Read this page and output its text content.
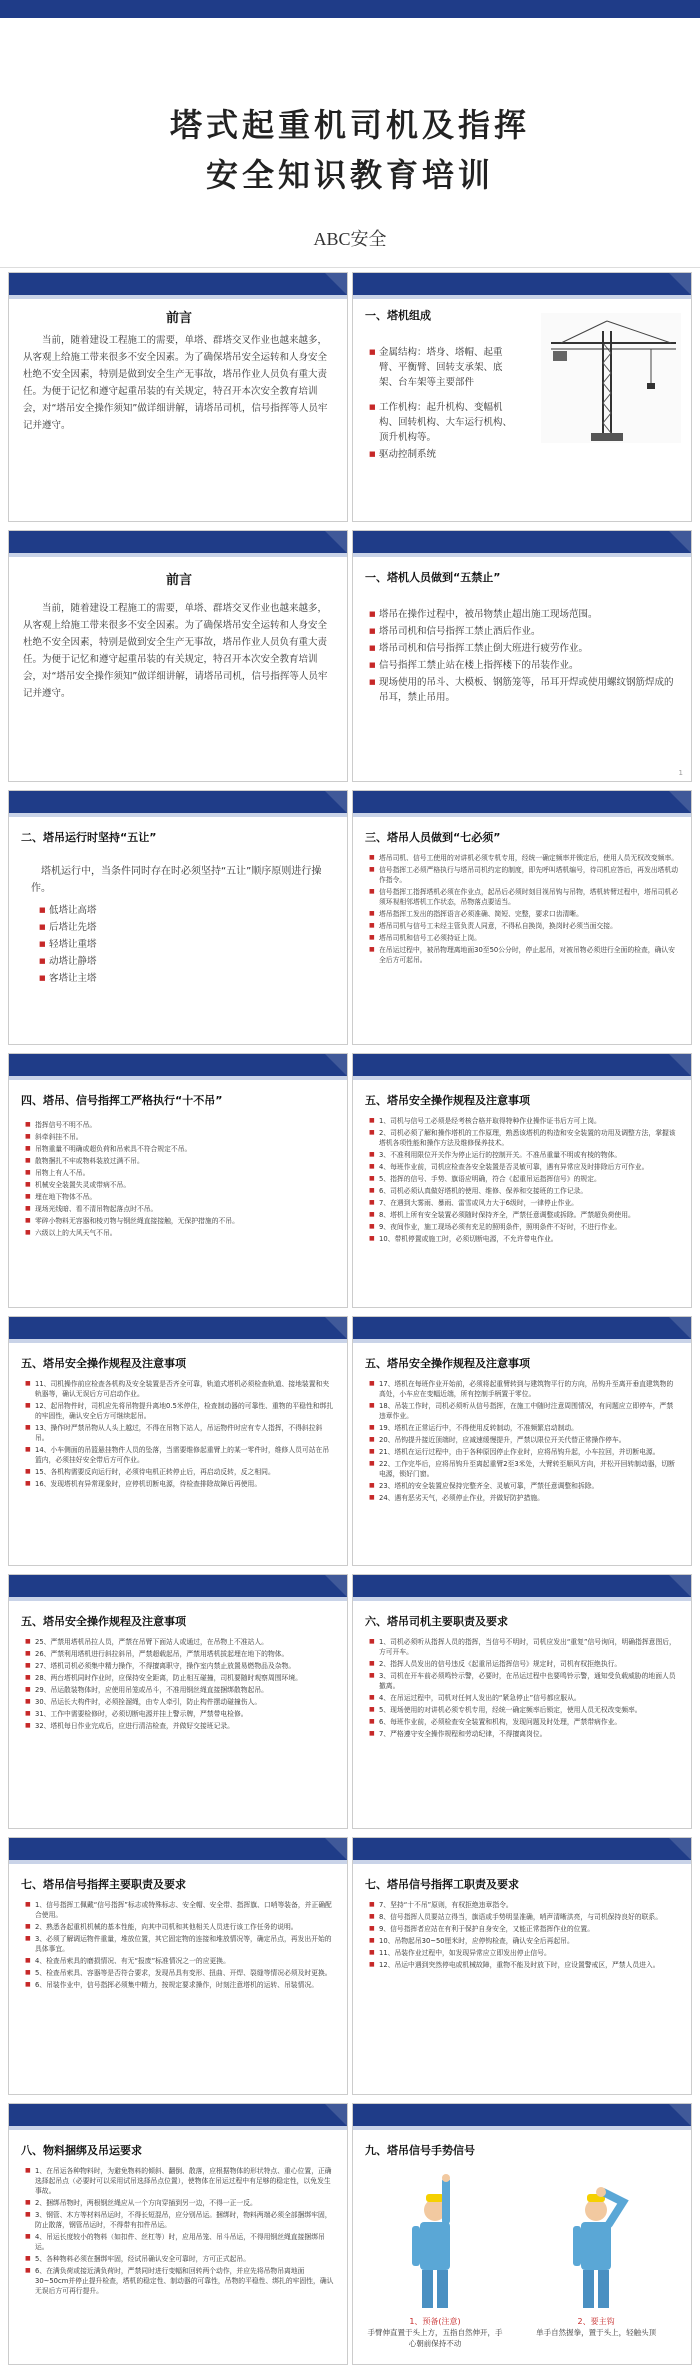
塔式起重机司机及指挥
安全知识教育培训
ABC安全
前言

当前，随着建设工程施工的需要，单塔、群塔交叉作业也越来越多，从客观上给施工带来很多不安全因素。为了确保塔吊安全运转和人身安全杜绝不安全因素，特别是做到安全生产无事故，塔吊作业人员负有重大责任。为便于记忆和遵守起重吊装的有关规定，特召开本次安全教育培训会，对“塔吊安全操作须知”做详细讲解，请塔吊司机，信号指挥等人员牢记并遵守。

一、塔机组成
■ 金属结构：塔身、塔帽、起重臂、平衡臂、回转支承架、底架、台车架等主要部件
■ 工作机构：起升机构、变幅机构、回转机构、大车运行机构、顶升机构等。
■ 驱动控制系统
前言

当前，随着建设工程施工的需要，单塔、群塔交叉作业也越来越多，从客观上给施工带来很多不安全因素。为了确保塔吊安全运转和人身安全杜绝不安全因素，特别是做到安全生产无事故，塔吊作业人员负有重大责任。为便于记忆和遵守起重吊装的有关规定，特召开本次安全教育培训会，对“塔吊安全操作须知”做详细讲解，请塔吊司机，信号指挥等人员牢记并遵守。

一、塔机人员做到“五禁止”
■ 塔吊在操作过程中，被吊物禁止超出施工现场范围。
■ 塔吊司机和信号指挥工禁止酒后作业。
■ 塔吊司机和信号指挥工禁止倒大班进行疲劳作业。
■ 信号指挥工禁止站在楼上指挥楼下的吊装作业。
■ 现场使用的吊斗、大模板、钢筋笼等，吊耳开焊或使用螺纹钢筋焊成的吊耳，禁止吊用。
1
二、塔吊运行时坚持“五让”

塔机运行中，当条件同时存在时必须坚持“五让”顺序原则进行操作。

■ 低塔让高塔
■ 后塔让先塔
■ 轻塔让重塔
■ 动塔让静塔
■ 客塔让主塔
三、塔吊人员做到“七必须”
■ 塔吊司机、信号工使用的对讲机必须专机专用，经统一确定频率并锁定后，使用人员无权改变频率。
■ 信号指挥工必须严格执行与塔吊司机约定的制度，即先呼叫塔机编号，待司机应答后，再发出塔机动作指令。
■ 信号指挥工指挥塔机必须在作业点，起吊后必须时刻目视吊钩与吊物，塔机转臂过程中，塔吊司机必须环视相邻塔机工作状态，吊物落点要适当。
■ 塔吊指挥工发出的指挥语言必须准确、简短、完整，要求口齿清晰。
■ 塔吊司机与信号工未经主管负责人同意，不得私自换岗，换岗时必须当面交接。
■ 塔吊司机和信号工必须持证上岗。
■ 在吊运过程中，被吊物理离地面30至50公分时，停止起吊，对被吊物必须进行全面的检查，确认安全后方可起吊。
四、塔吊、信号指挥工严格执行“十不吊”
■ 指挥信号不明不吊。
■ 斜牵斜挂不吊。
■ 吊物重量不明确或超负荷和吊索具不符合规定不吊。
■ 散物捆扎不牢或物料装放过满不吊。
■ 吊物上有人不吊。
■ 机械安全装置失灵或带病不吊。
■ 埋在地下物体不吊。
■ 现场光线暗、看不清吊物起落点时不吊。
■ 零碎小物料无容器和棱刃物与钢丝绳直接接触，无保护措施的不吊。
■ 六级以上的大风天气不吊。
五、塔吊安全操作规程及注意事项
■ 1、司机与信号工必须是经考核合格并取得特种作业操作证书后方可上岗。
■ 2、司机必须了解和操作塔机的工作原理，熟悉该塔机的构造和安全装置的功用及调整方法，掌握该塔机各项性能和操作方法及维修保养技术。
■ 3、不准利用限位开关作为停止运行的控制开关。不准吊重量不明或有棱的物体。
■ 4、每班作业前，司机应检查各安全装置是否灵敏可靠，遇有异常应及时排除后方可作业。
■ 5、指挥的信号、手势、旗语应明确，符合《起重吊运指挥信号》的规定。
■ 6、司机必须认真做好塔机的使用、维修、保养和交接班的工作记录。
■ 7、在遇到大雾雨、暴雨、雷雪或风力大于6级时，一律停止作业。
■ 8、塔机上所有安全装置必须随时保持齐全，严禁任意调整或拆除。严禁超负荷使用。
■ 9、夜间作业，施工现场必须有充足的照明条件，照明条件不好时，不进行作业。
■ 10、带机停置或施工时，必须切断电源，不允许带电作业。
五、塔吊安全操作规程及注意事项
■ 11、司机操作前应检查各机构及安全装置是否齐全可靠，轨道式塔机必须检查轨道、接地装置和夹轨器等，确认无误后方可启动作业。
■ 12、起吊物件时，司机应先将吊物提升离地0.5米停住，检查制动器的可靠性、重物的平稳性和绑扎的牢固性，确认安全后方可继续起吊。
■ 13、操作时严禁吊物从人头上越过，不得在吊物下站人，吊运物件时应有专人指挥，不得斜拉斜吊。
■ 14、小车侧面的吊篮悬挂物件人员的坠落，当需要维修起重臂上的某一零件时，维修人员可站在吊篮内，必须挂好安全带后方可作业。
■ 15、各机构需要反向运行时，必须待电机正转停止后，再启动反转，反之相同。
■ 16、发现塔机有异常现象时，应停机切断电源，待检查排除故障后再使用。
五、塔吊安全操作规程及注意事项
■ 17、塔机在每班作业开始前，必须将起重臂转到与建筑物平行的方向，吊钩升至离开垂直建筑物的高处，小车应在变幅近端，所有控制手柄置于零位。
■ 18、吊装工作时，司机必须听从信号指挥，在施工中随时注意周围情况，有问题应立即停车，严禁违章作业。
■ 19、塔机在正常运行中，不得使用反转制动，不准频繁启动制动。
■ 20、吊钩提升接近顶端时，应减速缓慢提升，严禁以限位开关代替正常操作停车。
■ 21、塔机在运行过程中，由于各种原因停止作业时，应将吊钩升起，小车拉回，并切断电源。
■ 22、工作完毕后，应将吊钩升至离起重臂2至3米处，大臂转至顺风方向，并松开回转制动器，切断电源，锁好门窗。
■ 23、塔机的安全装置应保持完整齐全、灵敏可靠，严禁任意调整和拆除。
■ 24、遇有恶劣天气，必须停止作业，并做好防护措施。
五、塔吊安全操作规程及注意事项
■ 25、严禁用塔机吊拉人员，严禁在吊臂下面站人或通过，在吊物上不准站人。
■ 26、严禁利用塔机进行斜拉斜吊，严禁超载起吊，严禁用塔机拔起埋在地下的物体。
■ 27、塔机司机必须集中精力操作，不得擅离职守，操作室内禁止放置易燃物品及杂物。
■ 28、两台塔机同时作业时，应保持安全距离，防止相互碰撞，司机要随时观察周围环境。
■ 29、吊运散装物体时，应使用吊笼或吊斗，不准用钢丝绳直接捆绑散物起吊。
■ 30、吊运长大构件时，必须拴溜绳，由专人牵引，防止构件摆动碰撞伤人。
■ 31、工作中需要检修时，必须切断电源并挂上警示牌，严禁带电检修。
■ 32、塔机每日作业完成后，应进行清洁检查，并做好交接班记录。
六、塔吊司机主要职责及要求
■ 1、司机必须听从指挥人员的指挥，当信号不明时，司机应发出“重复”信号询问，明确指挥意图后，方可开车。
■ 2、指挥人员发出的信号违反《起重吊运指挥信号》规定时，司机有权拒绝执行。
■ 3、司机在开车前必须鸣铃示警，必要时，在吊运过程中也要鸣铃示警，通知受负载威胁的地面人员撤离。
■ 4、在吊运过程中，司机对任何人发出的“紧急停止”信号都应服从。
■ 5、现场使用的对讲机必须专机专用，经统一确定频率后锁定，使用人员无权改变频率。
■ 6、每班作业前，必须检查安全装置和机构，发现问题及时处理，严禁带病作业。
■ 7、严格遵守安全操作规程和劳动纪律，不得擅离岗位。
七、塔吊信号指挥主要职责及要求
■ 1、信号指挥工佩戴“信号指挥”标志或特殊标志、安全帽、安全带、指挥旗、口哨等装备，并正确配合使用。
■ 2、熟悉各起重机机械的基本性能，向其中司机和其他相关人员进行该工作任务的说明。
■ 3、必须了解调运物件重量，堆放位置，其它固定物的连接和堆放情况等，确定吊点，再发出开始的具体事宜。
■ 4、检查吊索具的磨损情况、有无“报废”标准情况之一的应更换。
■ 5、检查吊索具、容器等是否符合要求，发现吊具有变形、扭曲、开焊、裂缝等情况必须及时更换。
■ 6、吊装作业中，信号指挥必须集中精力，按规定要求操作，时刻注意塔机的运转、吊装情况。
七、塔吊信号指挥工职责及要求
■ 7、坚持“十不吊”原则，有权拒绝违章指令。
■ 8、信号指挥人员要站立得当，旗语或手势明显准确，哨声清晰洪亮，与司机保持良好的联系。
■ 9、信号指挥者应站在有利于保护自身安全，又能正常指挥作业的位置。
■ 10、吊物起吊30~50厘米时，应停钩检查，确认安全后再起吊。
■ 11、吊装作业过程中，如发现异常应立即发出停止信号。
■ 12、吊运中遇到突然停电或机械故障，重物不能及时放下时，应设置警戒区，严禁人员进入。
八、物料捆绑及吊运要求
■ 1、在吊运各种物料时，为避免物料的倾斜、翻倒、散落，应根据物体的形状特点、重心位置，正确选择起吊点（必要时可以采用试吊选择吊点位置），使物体在吊运过程中有足够的稳定性，以免发生事故。
■ 2、捆绑吊物时，两根钢丝绳应从一个方向穿插到另一边，不得一正一反。
■ 3、钢管、木方等材料吊运时，不得长短混吊，应分别吊运。捆绑时，物料两端必须全部捆绑牢固，防止散落，钢管吊运时，不得带有扣件吊运。
■ 4、吊运长度较小的物料（如扣件、丝杠等）时，应用吊笼、吊斗吊运，不得用钢丝绳直接捆绑吊运。
■ 5、各种物料必须在捆绑牢固，经试吊确认安全可靠时，方可正式起吊。
■ 6、在满负荷或接近满负荷时，严禁同时进行变幅和回转两个动作，并应先将吊物吊离地面30~50cm并停止提升检查，塔机的稳定性、制动器的可靠性，吊物的平稳性、绑扎的牢固性，确认无误后方可再行提升。
九、塔吊信号手势信号
1、预备(注意)
手臂伸直置于头上方，五指自然伸开，手心朝前保持不动

2、要主钩
单手自然握拳，置于头上，轻触头顶
